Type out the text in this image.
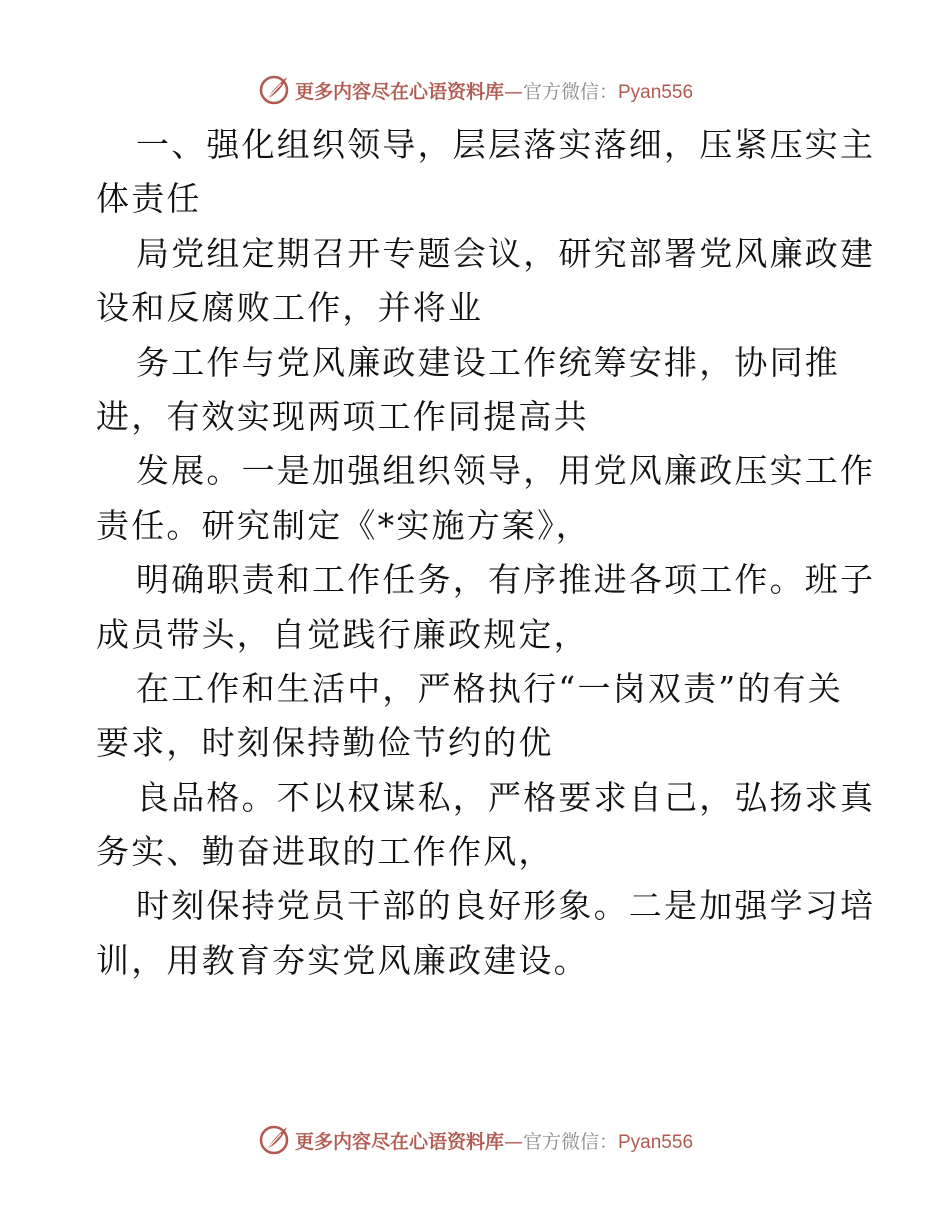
更多内容尽在心语资料库—官方微信：Pyan556
一、强化组织领导，层层落实落细，压紧压实主
体责任
局党组定期召开专题会议，研究部署党风廉政建
设和反腐败工作，并将业
务工作与党风廉政建设工作统筹安排，协同推
进，有效实现两项工作同提高共
发展。一是加强组织领导，用党风廉政压实工作
责任。研究制定《*实施方案》，
明确职责和工作任务，有序推进各项工作。班子
成员带头，自觉践行廉政规定，
在工作和生活中，严格执行“一岗双责”的有关
要求，时刻保持勤俭节约的优
良品格。不以权谋私，严格要求自己，弘扬求真
务实、勤奋进取的工作作风，
时刻保持党员干部的良好形象。二是加强学习培
训，用教育夯实党风廉政建设。
更多内容尽在心语资料库—官方微信：Pyan556
